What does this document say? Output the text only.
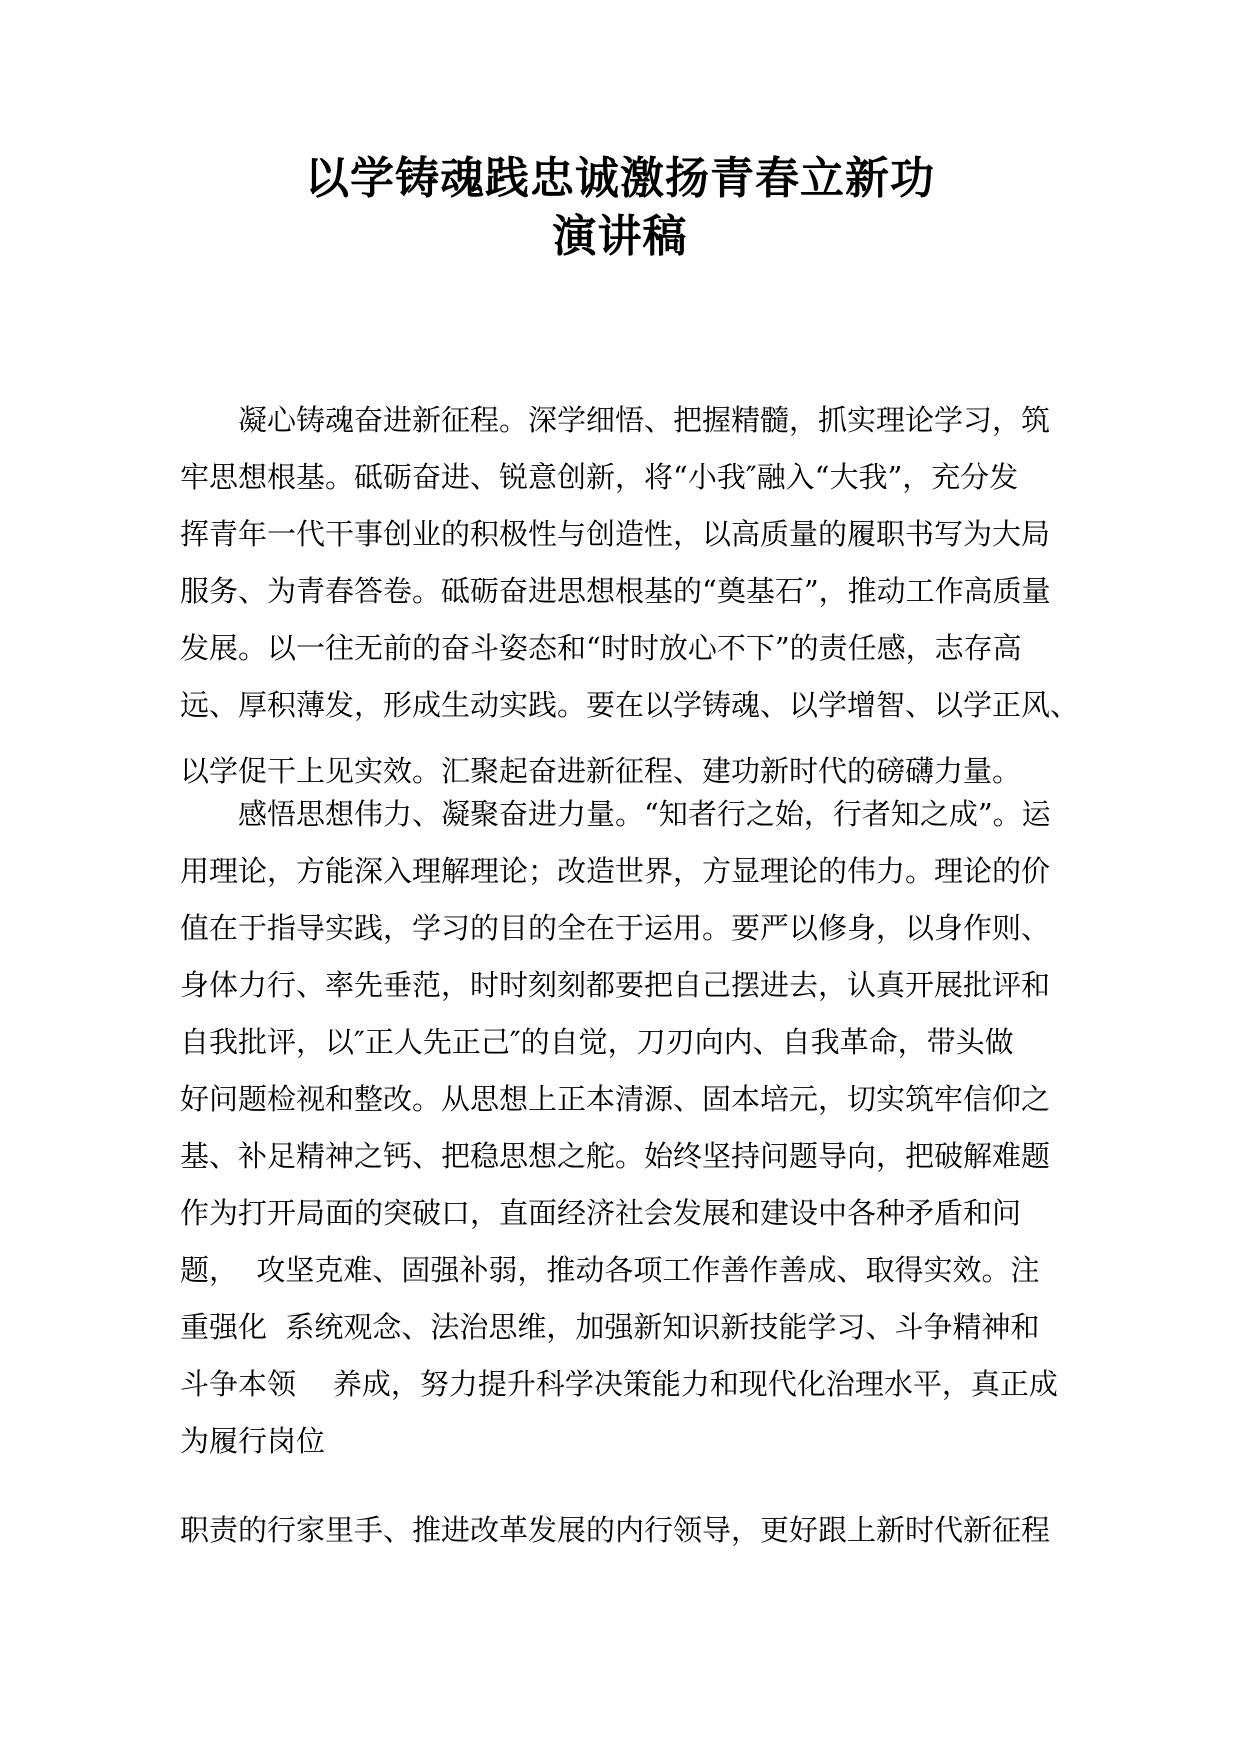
以学铸魂践忠诚激扬青春立新功
演讲稿
凝心铸魂奋进新征程。深学细悟、把握精髓，抓实理论学习，筑
牢思想根基。砥砺奋进、锐意创新，将“小我″融入“大我”，充分发
挥青年一代干事创业的积极性与创造性，以高质量的履职书写为大局
服务、为青春答卷。砥砺奋进思想根基的“奠基石”，推动工作高质量
发展。以一往无前的奋斗姿态和“时时放心不下”的责任感，志存高
远、厚积薄发，形成生动实践。要在以学铸魂、以学增智、以学正风、
以学促干上见实效。汇聚起奋进新征程、建功新时代的磅礴力量。
感悟思想伟力、凝聚奋进力量。“知者行之始，行者知之成”。运
用理论，方能深入理解理论；改造世界，方显理论的伟力。理论的价
值在于指导实践，学习的目的全在于运用。要严以修身，以身作则、
身体力行、率先垂范，时时刻刻都要把自己摆进去，认真开展批评和
自我批评，以″正人先正己″的自觉，刀刃向内、自我革命，带头做
好问题检视和整改。从思想上正本清源、固本培元，切实筑牢信仰之
基、补足精神之钙、把稳思想之舵。始终坚持问题导向，把破解难题
作为打开局面的突破口，直面经济社会发展和建设中各种矛盾和问
题，  攻坚克难、固强补弱，推动各项工作善作善成、取得实效。注
重强化  系统观念、法治思维，加强新知识新技能学习、斗争精神和
斗争本领    养成，努力提升科学决策能力和现代化治理水平，真正成
为履行岗位
职责的行家里手、推进改革发展的内行领导，更好跟上新时代新征程
